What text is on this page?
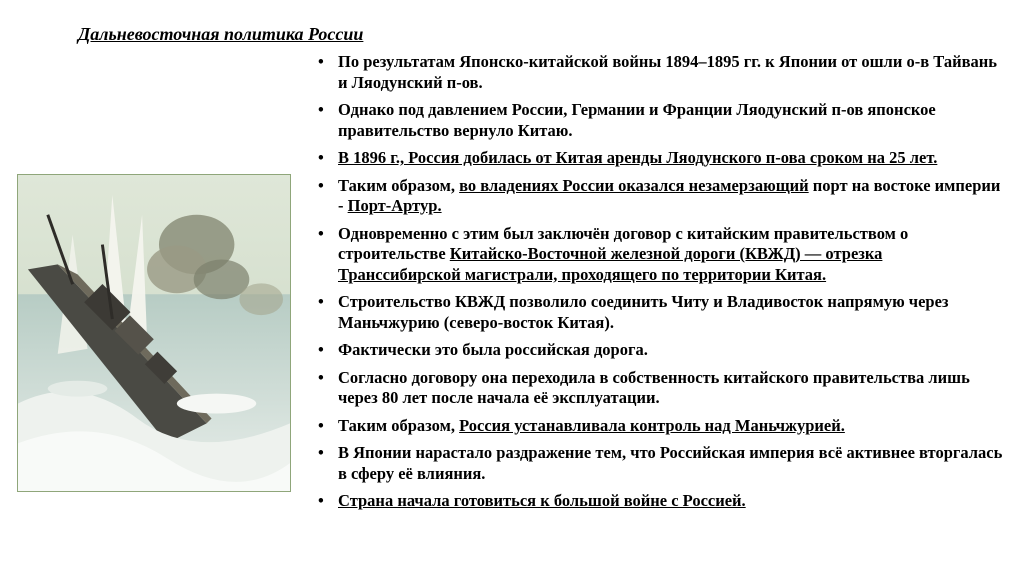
Дальневосточная политика России
• По результатам Японско-китайской войны 1894–1895 гг. к Японии от ошли о-в Тайвань и Ляодунский п-ов.
• Однако под давлением России, Германии и Франции Ляодунский п-ов японское правительство вернуло Китаю.
• В 1896 г., Россия добилась от Китая аренды Ляодунского п-ова сроком на 25 лет.
• Таким образом, во владениях России оказался незамерзающий порт на востоке империи - Порт-Артур.
• Одновременно с этим был заключён договор с китайским правительством о строительстве Китайско-Восточной железной дороги (КВЖД) — отрезка Транссибирской магистрали, проходящего по территории Китая.
• Строительство КВЖД позволило соединить Читу и Владивосток напрямую через Маньчжурию (северо-восток Китая).
• Фактически это была российская дорога.
• Согласно договору она переходила в собственность китайского правительства лишь через 80 лет после начала её эксплуатации.
• Таким образом, Россия устанавливала контроль над Маньчжурией.
• В Японии нарастало раздражение тем, что Российская империя всё активнее вторгалась в сферу её влияния.
• Страна начала готовиться к большой войне с Россией.
